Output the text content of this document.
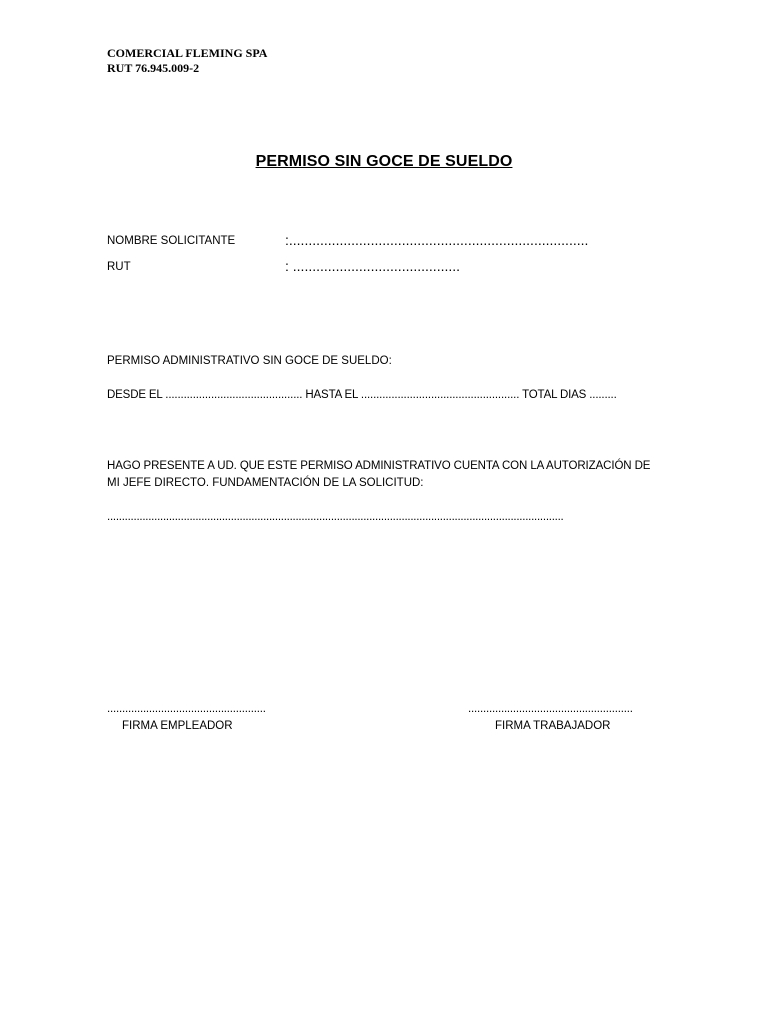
COMERCIAL FLEMING SPA
RUT 76.945.009-2
PERMISO SIN GOCE DE SUELDO
NOMBRE SOLICITANTE	:.............................................................................
RUT	: ...........................................
PERMISO ADMINISTRATIVO SIN GOCE DE SUELDO:
DESDE EL ............................................. HASTA EL .................................................... TOTAL DIAS .........
HAGO PRESENTE A UD. QUE ESTE PERMISO ADMINISTRATIVO CUENTA CON LA AUTORIZACIÓN DE
MI JEFE DIRECTO. FUNDAMENTACIÓN DE LA SOLICITUD:
...........................................................................................................................................................
.....................................................
FIRMA EMPLEADOR
.......................................................
FIRMA TRABAJADOR
